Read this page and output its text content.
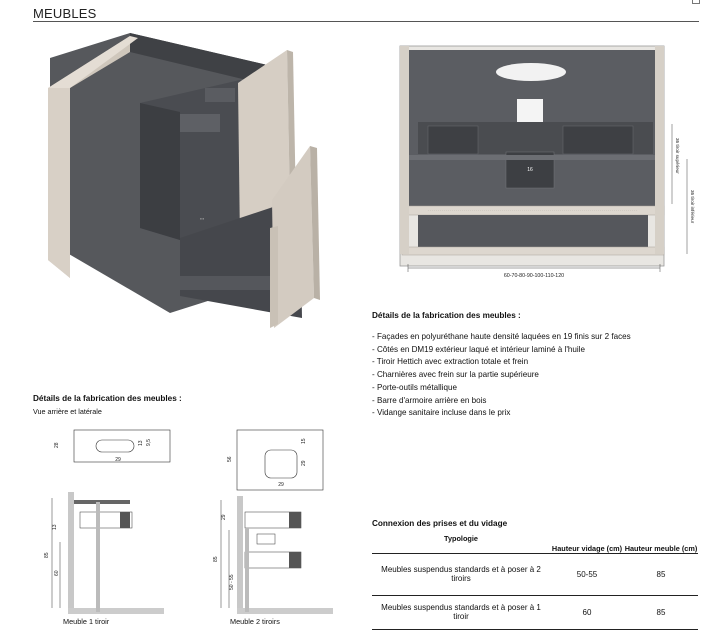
MEUBLES
▪▪▪
16
60-70-80-90-100-110-120
36 tiroir supérieur
36 tiroir inférieur
Détails de la fabrication des meubles :
Vue arrière et latérale
28
29
13 9,5
13
85
60
Meuble 1 tiroir
56
15
29
29
29
85
50 - 55
Meuble 2 tiroirs
Détails de la fabrication des meubles :
- Façades en polyuréthane haute densité laquées en 19 finis sur 2 faces
- Côtés en DM19 extérieur laqué et intérieur laminé à l'huile
- Tiroir Hettich avec extraction totale et frein
- Charnières avec frein sur la partie supérieure
- Porte-outils métallique
- Barre d'armoire arrière en bois
- Vidange sanitaire incluse dans le prix
Connexion des prises et du vidage
Typologie	Hauteur vidage (cm)	Hauteur meuble (cm)
Meubles suspendus standards et à poser à 2 tiroirs	50-55	85
Meubles suspendus standards et à poser à 1 tiroir	60	85
